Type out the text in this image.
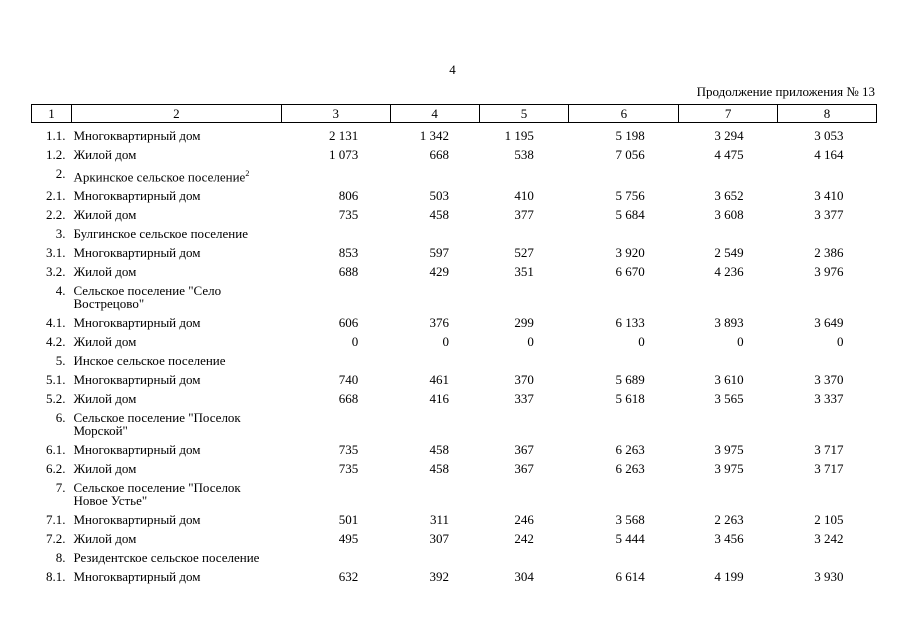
4
Продолжение приложения № 13
1	2	3	4	5	6	7	8
1.1.	Многоквартирный дом	2 131	1 342	1 195	5 198	3 294	3 053
1.2.	Жилой дом	1 073	668	538	7 056	4 475	4 164
2.	Аркинское сельское поселение$^2$						
2.1.	Многоквартирный дом	806	503	410	5 756	3 652	3 410
2.2.	Жилой дом	735	458	377	5 684	3 608	3 377
3.	Булгинское сельское поселение						
3.1.	Многоквартирный дом	853	597	527	3 920	2 549	2 386
3.2.	Жилой дом	688	429	351	6 670	4 236	3 976
4.	Сельское поселение "Село Вострецово"						
4.1.	Многоквартирный дом	606	376	299	6 133	3 893	3 649
4.2.	Жилой дом	0	0	0	0	0	0
5.	Инское сельское поселение						
5.1.	Многоквартирный дом	740	461	370	5 689	3 610	3 370
5.2.	Жилой дом	668	416	337	5 618	3 565	3 337
6.	Сельское поселение "Поселок Морской"						
6.1.	Многоквартирный дом	735	458	367	6 263	3 975	3 717
6.2.	Жилой дом	735	458	367	6 263	3 975	3 717
7.	Сельское поселение "Поселок Новое Устье"						
7.1.	Многоквартирный дом	501	311	246	3 568	2 263	2 105
7.2.	Жилой дом	495	307	242	5 444	3 456	3 242
8.	Резидентское сельское поселение						
8.1.	Многоквартирный дом	632	392	304	6 614	4 199	3 930
